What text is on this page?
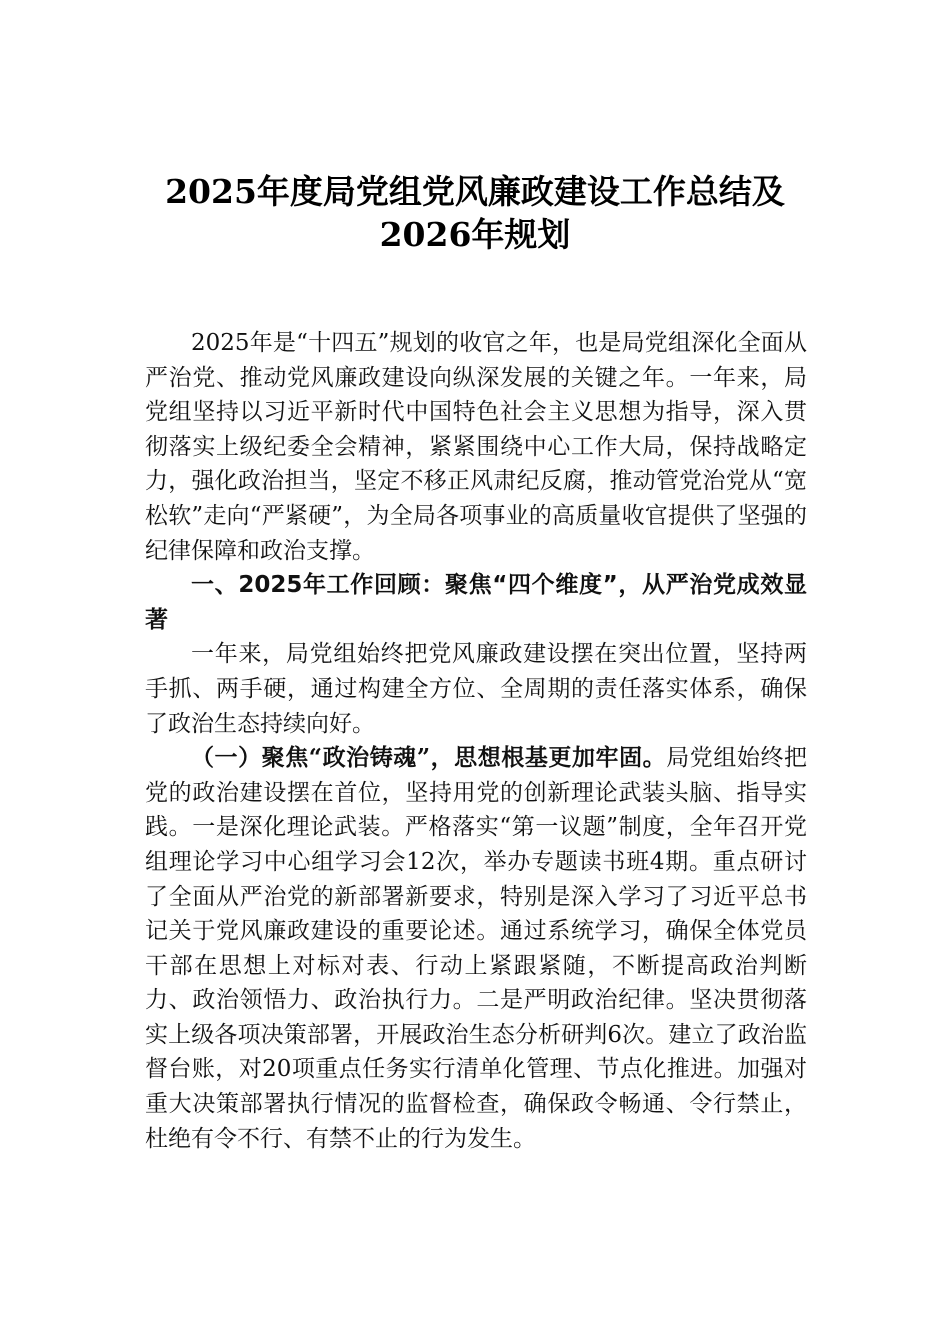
2025年度局党组党风廉政建设工作总结及
2026年规划

2025年是“十四五”规划的收官之年，也是局党组深化全面从严治党、推动党风廉政建设向纵深发展的关键之年。一年来，局党组坚持以习近平新时代中国特色社会主义思想为指导，深入贯彻落实上级纪委全会精神，紧紧围绕中心工作大局，保持战略定力，强化政治担当，坚定不移正风肃纪反腐，推动管党治党从“宽松软”走向“严紧硬”，为全局各项事业的高质量收官提供了坚强的纪律保障和政治支撑。

一、2025年工作回顾：聚焦“四个维度”，从严治党成效显著

一年来，局党组始终把党风廉政建设摆在突出位置，坚持两手抓、两手硬，通过构建全方位、全周期的责任落实体系，确保了政治生态持续向好。

（一）聚焦“政治铸魂”，思想根基更加牢固。局党组始终把党的政治建设摆在首位，坚持用党的创新理论武装头脑、指导实践。一是深化理论武装。严格落实“第一议题”制度，全年召开党组理论学习中心组学习会12次，举办专题读书班4期。重点研讨了全面从严治党的新部署新要求，特别是深入学习了习近平总书记关于党风廉政建设的重要论述。通过系统学习，确保全体党员干部在思想上对标对表、行动上紧跟紧随，不断提高政治判断力、政治领悟力、政治执行力。二是严明政治纪律。坚决贯彻落实上级各项决策部署，开展政治生态分析研判6次。建立了政治监督台账，对20项重点任务实行清单化管理、节点化推进。加强对重大决策部署执行情况的监督检查，确保政令畅通、令行禁止，杜绝有令不行、有禁不止的行为发生。
